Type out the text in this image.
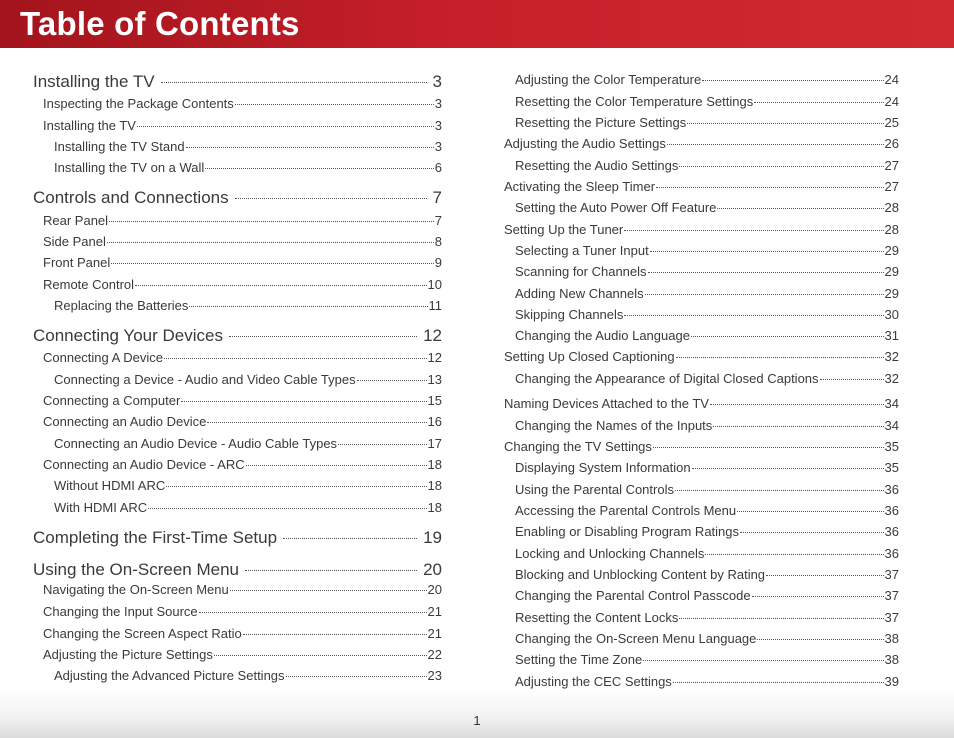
Table of Contents
Installing the TV	3
Inspecting the Package Contents	3
Installing the TV	3
Installing the TV Stand	3
Installing the TV on a Wall	6
Controls and Connections	7
Rear Panel	7
Side Panel	8
Front Panel	9
Remote Control	10
Replacing the Batteries	11
Connecting Your Devices	12
Connecting A Device	12
Connecting a Device - Audio and Video Cable Types	13
Connecting a Computer	15
Connecting an Audio Device	16
Connecting an Audio Device - Audio Cable Types	17
Connecting an Audio Device - ARC	18
Without HDMI ARC	18
With HDMI ARC	18
Completing the First-Time Setup	19
Using the On-Screen Menu	20
Navigating the On-Screen Menu	20
Changing the Input Source	21
Changing the Screen Aspect Ratio	21
Adjusting the Picture Settings	22
Adjusting the Advanced Picture Settings	23
Adjusting the Color Temperature	24
Resetting the Color Temperature Settings	24
Resetting the Picture Settings	25
Adjusting the Audio Settings	26
Resetting the Audio Settings	27
Activating the Sleep Timer	27
Setting the Auto Power Off Feature	28
Setting Up the Tuner	28
Selecting a Tuner Input	29
Scanning for Channels	29
Adding New Channels	29
Skipping Channels	30
Changing the Audio Language	31
Setting Up Closed Captioning	32
Changing the Appearance of Digital Closed Captions	32
Naming Devices Attached to the TV	34
Changing the Names of the Inputs	34
Changing the TV Settings	35
Displaying System Information	35
Using the Parental Controls	36
Accessing the Parental Controls Menu	36
Enabling or Disabling Program Ratings	36
Locking and Unlocking Channels	36
Blocking and Unblocking Content by Rating	37
Changing the Parental Control Passcode	37
Resetting the Content Locks	37
Changing the On-Screen Menu Language	38
Setting the Time Zone	38
Adjusting the CEC Settings	39
1
